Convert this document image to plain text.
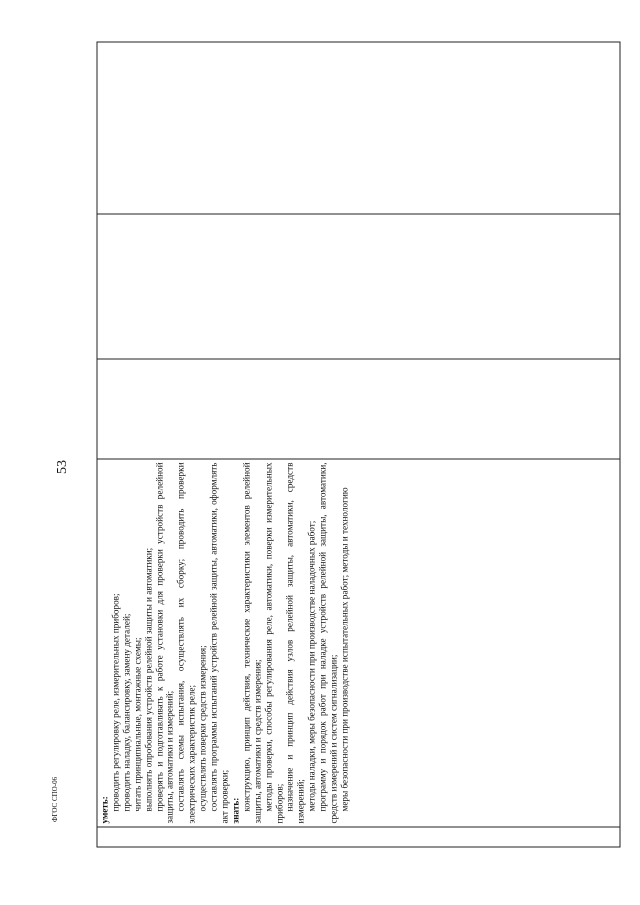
53
ФГОС СПО-06
		уметь: проводить регулировку реле, измерительных приборов; проводить наладку, балансировку, замену деталей; читать принципиальные, монтажные схемы; выполнять опробования устройств релейной защиты и автоматики; проверять и подготавливать к работе установки для проверки устройств релейной защиты, автоматики и измерений; составлять схемы испытания, осуществлять их сборку; проводить проверки электрических характеристик реле; осуществлять поверки средств измерения; составлять программы испытаний устройств релейной защиты, автоматики, оформлять акт проверки; знать: конструкцию, принцип действия, технические характеристики элементов релейной защиты, автоматики и средств измерения; методы проверки, способы регулирования реле, автоматики, поверки измерительных приборов; назначение и принцип действия узлов релейной защиты, автоматики, средств измерений; методы наладки, меры безопасности при производстве наладочных работ; программу и порядок работ при наладке устройств релейной защиты, автоматики, средств измерений и систем сигнализации; меры безопасности при производстве испытательных работ; методы и технологию
